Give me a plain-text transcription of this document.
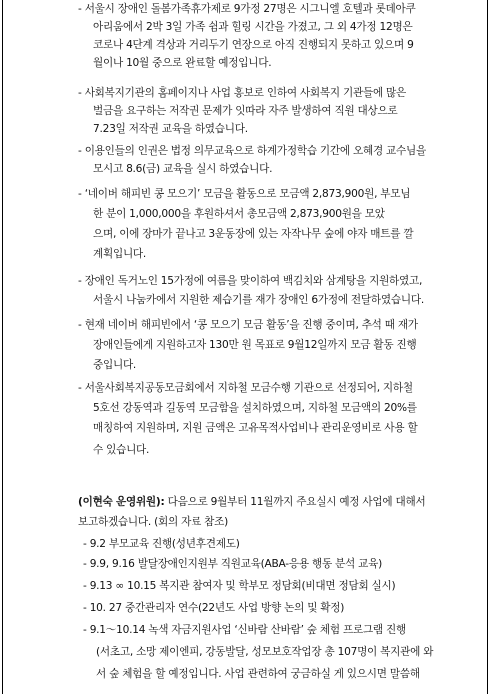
- 서울시 장애인 돌봄가족휴가제로 9가정 27명은 시그니엘 호텔과 롯데아쿠
아리움에서 2박 3일 가족 쉼과 힐링 시간을 가졌고, 그 외 4가정 12명은
코로나 4단계 격상과 거리두기 연장으로 아직 진행되지 못하고 있으며 9
월이나 10월 중으로 완료할 예정입니다.
- 사회복지기관의 홈페이지나 사업 홍보로 인하여 사회복지 기관들에 많은
벌금을 요구하는 저작권 문제가 잇따라 자주 발생하여 직원 대상으로
7.23일 저작권 교육을 하였습니다.
- 이용인들의 인권은 법정 의무교육으로 하계가정학습 기간에 오혜경 교수님을
모시고 8.6(금) 교육을 실시 하였습니다.
- ‘네이버 해피빈 콩 모으기’ 모금을 활동으로 모금액 2,873,900원, 부모님
한 분이 1,000,000을 후원하셔서 총모금액 2,873,900원을 모았
으며, 이에 장마가 끝나고 3운동장에 있는 자작나무 숲에 야자 매트를 깔
계획입니다.
- 장애인 독거노인 15가정에 여름을 맞이하여 백김치와 삼계탕을 지원하였고,
서울시 나눔카에서 지원한 제습기를 재가 장애인 6가정에 전달하였습니다.
- 현재 네이버 해피빈에서 ‘콩 모으기 모금 활동’을 진행 중이며, 추석 때 재가
장애인들에게 지원하고자 130만 원 목표로 9월12일까지 모금 활동 진행
중입니다.
- 서울사회복지공동모금회에서 지하철 모금수행 기관으로 선정되어, 지하철
5호선 강동역과 길동역 모금함을 설치하였으며, 지하철 모금액의 20%를
매칭하여 지원하며, 지원 금액은 고유목적사업비나 관리운영비로 사용 할
수 있습니다.
(이현숙 운영위원): 다음으로 9월부터 11월까지 주요실시 예정 사업에 대해서
보고하겠습니다. (회의 자료 참조)
- 9.2 부모교육 진행(성년후견제도)
- 9.9, 9.16 발달장애인지원부 직원교육(ABA-응용 행동 분석 교육)
- 9.13 ∞ 10.15 복지관 참여자 및 학부모 정담회(비대면 정담회 실시)
- 10. 27 중간관리자 연수(22년도 사업 방향 논의 및 확정)
- 9.1～10.14 녹색 자금지원사업 ‘신바람 산바람’ 숲 체험 프로그램 진행
(서초고, 소망 제이엔피, 강동발달, 성모보호작업장 총 107명이 복지관에 와
서 숲 체험을 할 예정입니다. 사업 관련하여 궁금하실 게 있으시면 말씀해
